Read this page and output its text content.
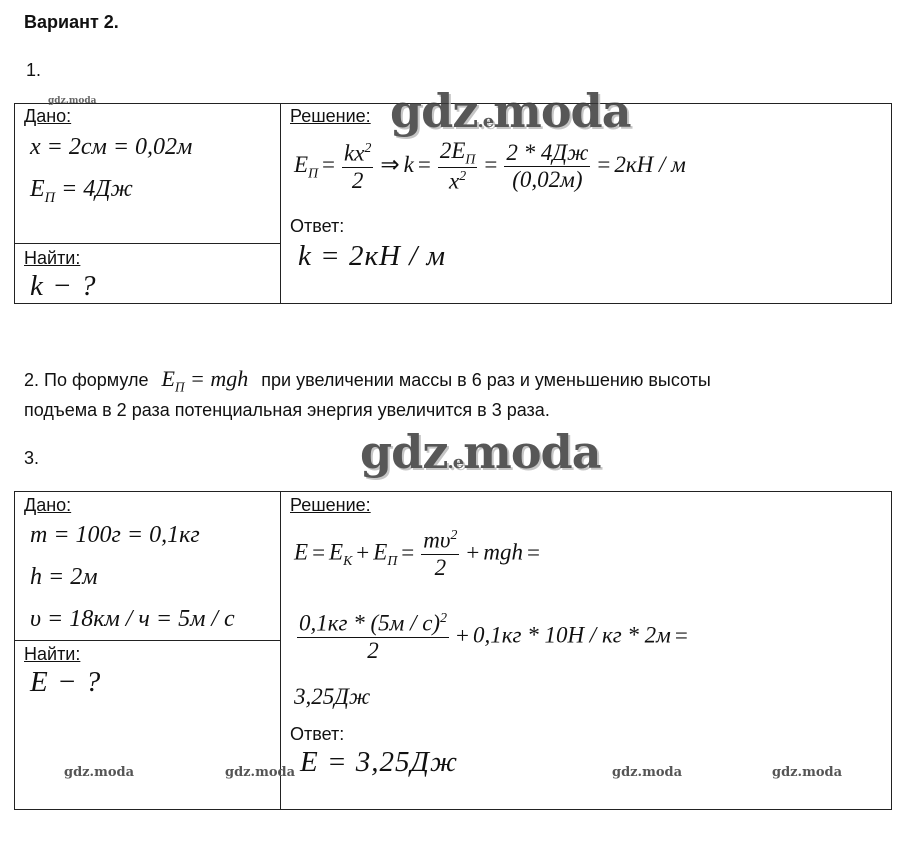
Вариант 2.
1.
Дано:
x = 2см = 0,02м
$E_П = 4Дж$
Найти:
k − ?
Решение:
$E_П = \frac{kx^2}{2}$ ⇒ $k = \frac{2E_П}{x^2} = \frac{2 * 4Дж}{(0,02м)} = 2кН / м$
Ответ:
k = 2кН / м
2. По формуле $E_П$ = mgh при увеличении массы в 6 раз и уменьшению высоты
подъема в 2 раза потенциальная энергия увеличится в 3 раза.
3.
Дано:
m = 100г = 0,1кг
h = 2м
υ = 18км / ч = 5м / с
Найти:
E − ?
Решение:
$E = E_К + E_П = \frac{m\upsilon^2}{2}$ + mgh =
$\frac{0,1кг * (5м / с)^2}{2} + 0,1кг * 10Н$ / кг * 2м =
3,25Дж
Ответ:
E = 3,25Дж
gdz.emoda
gdz.emoda
gdz.moda
gdz.moda	gdz.moda	gdz.moda	gdz.moda
